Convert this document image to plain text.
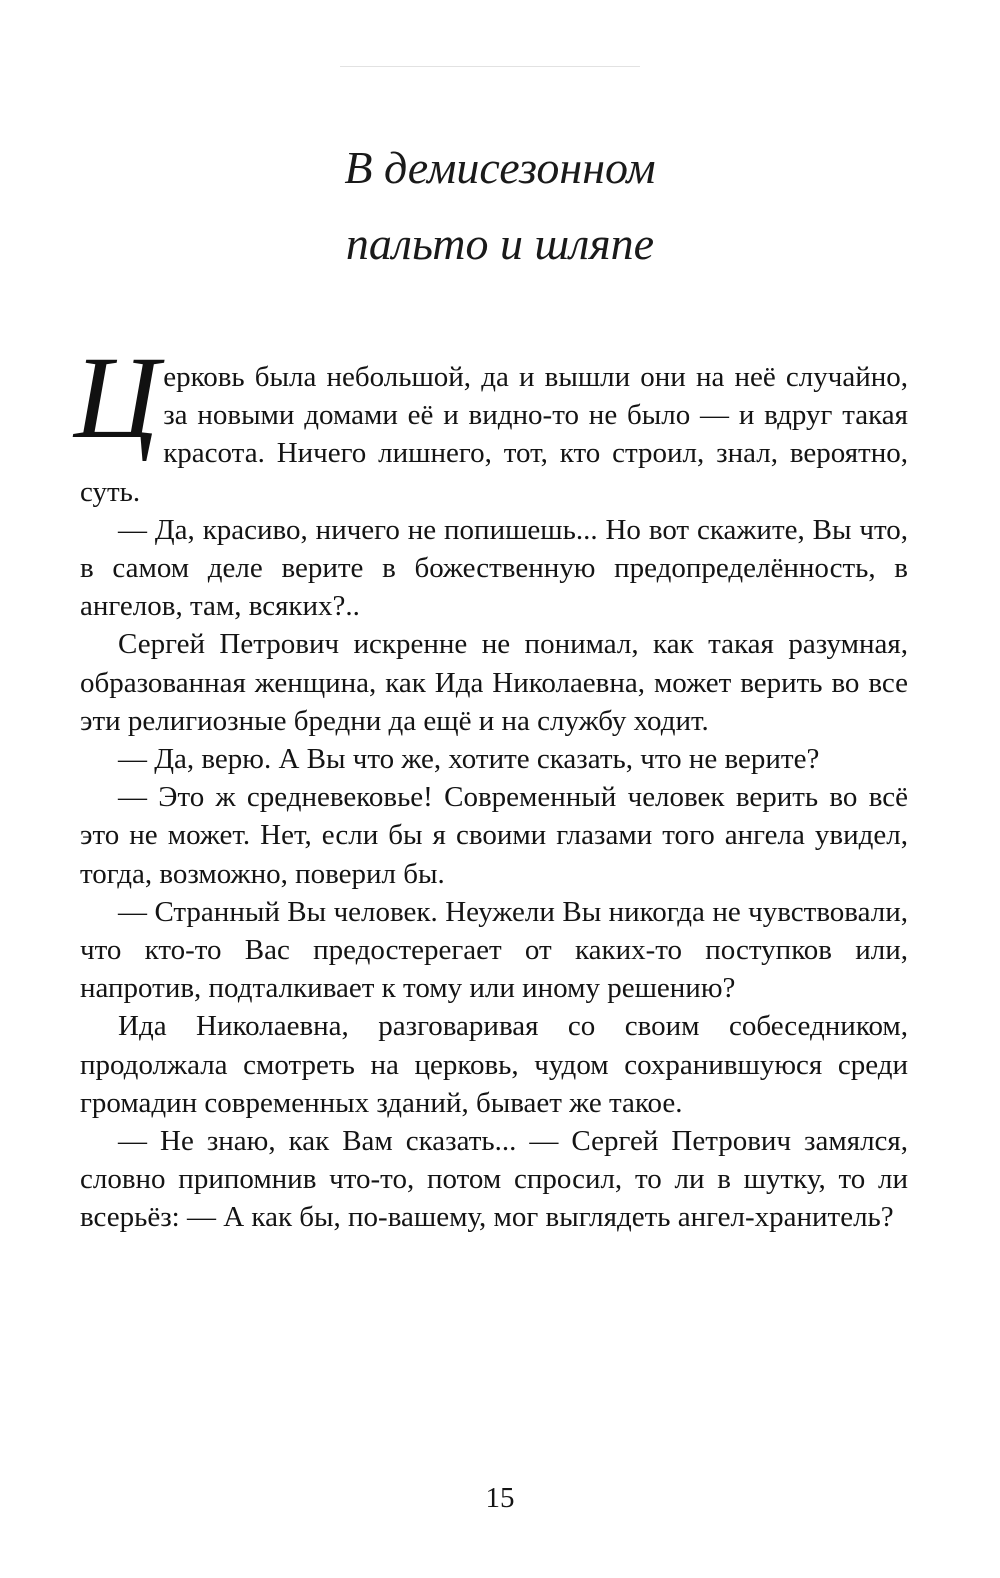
В демисезонном
пальто и шляпе

Церковь была небольшой, да и вышли они на неё случайно, за новыми домами её и видно-то не было — и вдруг такая красота. Ничего лишнего, тот, кто строил, знал, вероятно, суть.

— Да, красиво, ничего не попишешь... Но вот скажите, Вы что, в самом деле верите в божественную предопределённость, в ангелов, там, всяких?..

Сергей Петрович искренне не понимал, как такая разумная, образованная женщина, как Ида Николаевна, может верить во все эти религиозные бредни да ещё и на службу ходит.

— Да, верю. А Вы что же, хотите сказать, что не верите?

— Это ж средневековье! Современный человек верить во всё это не может. Нет, если бы я своими глазами того ангела увидел, тогда, возможно, поверил бы.

— Странный Вы человек. Неужели Вы никогда не чувствовали, что кто-то Вас предостерегает от каких-то поступков или, напротив, подталкивает к тому или иному решению?

Ида Николаевна, разговаривая со своим собеседником, продолжала смотреть на церковь, чудом сохранившуюся среди громадин современных зданий, бывает же такое.

— Не знаю, как Вам сказать... — Сергей Петрович замялся, словно припомнив что-то, потом спросил, то ли в шутку, то ли всерьёз: — А как бы, по-вашему, мог выглядеть ангел-хранитель?

15
